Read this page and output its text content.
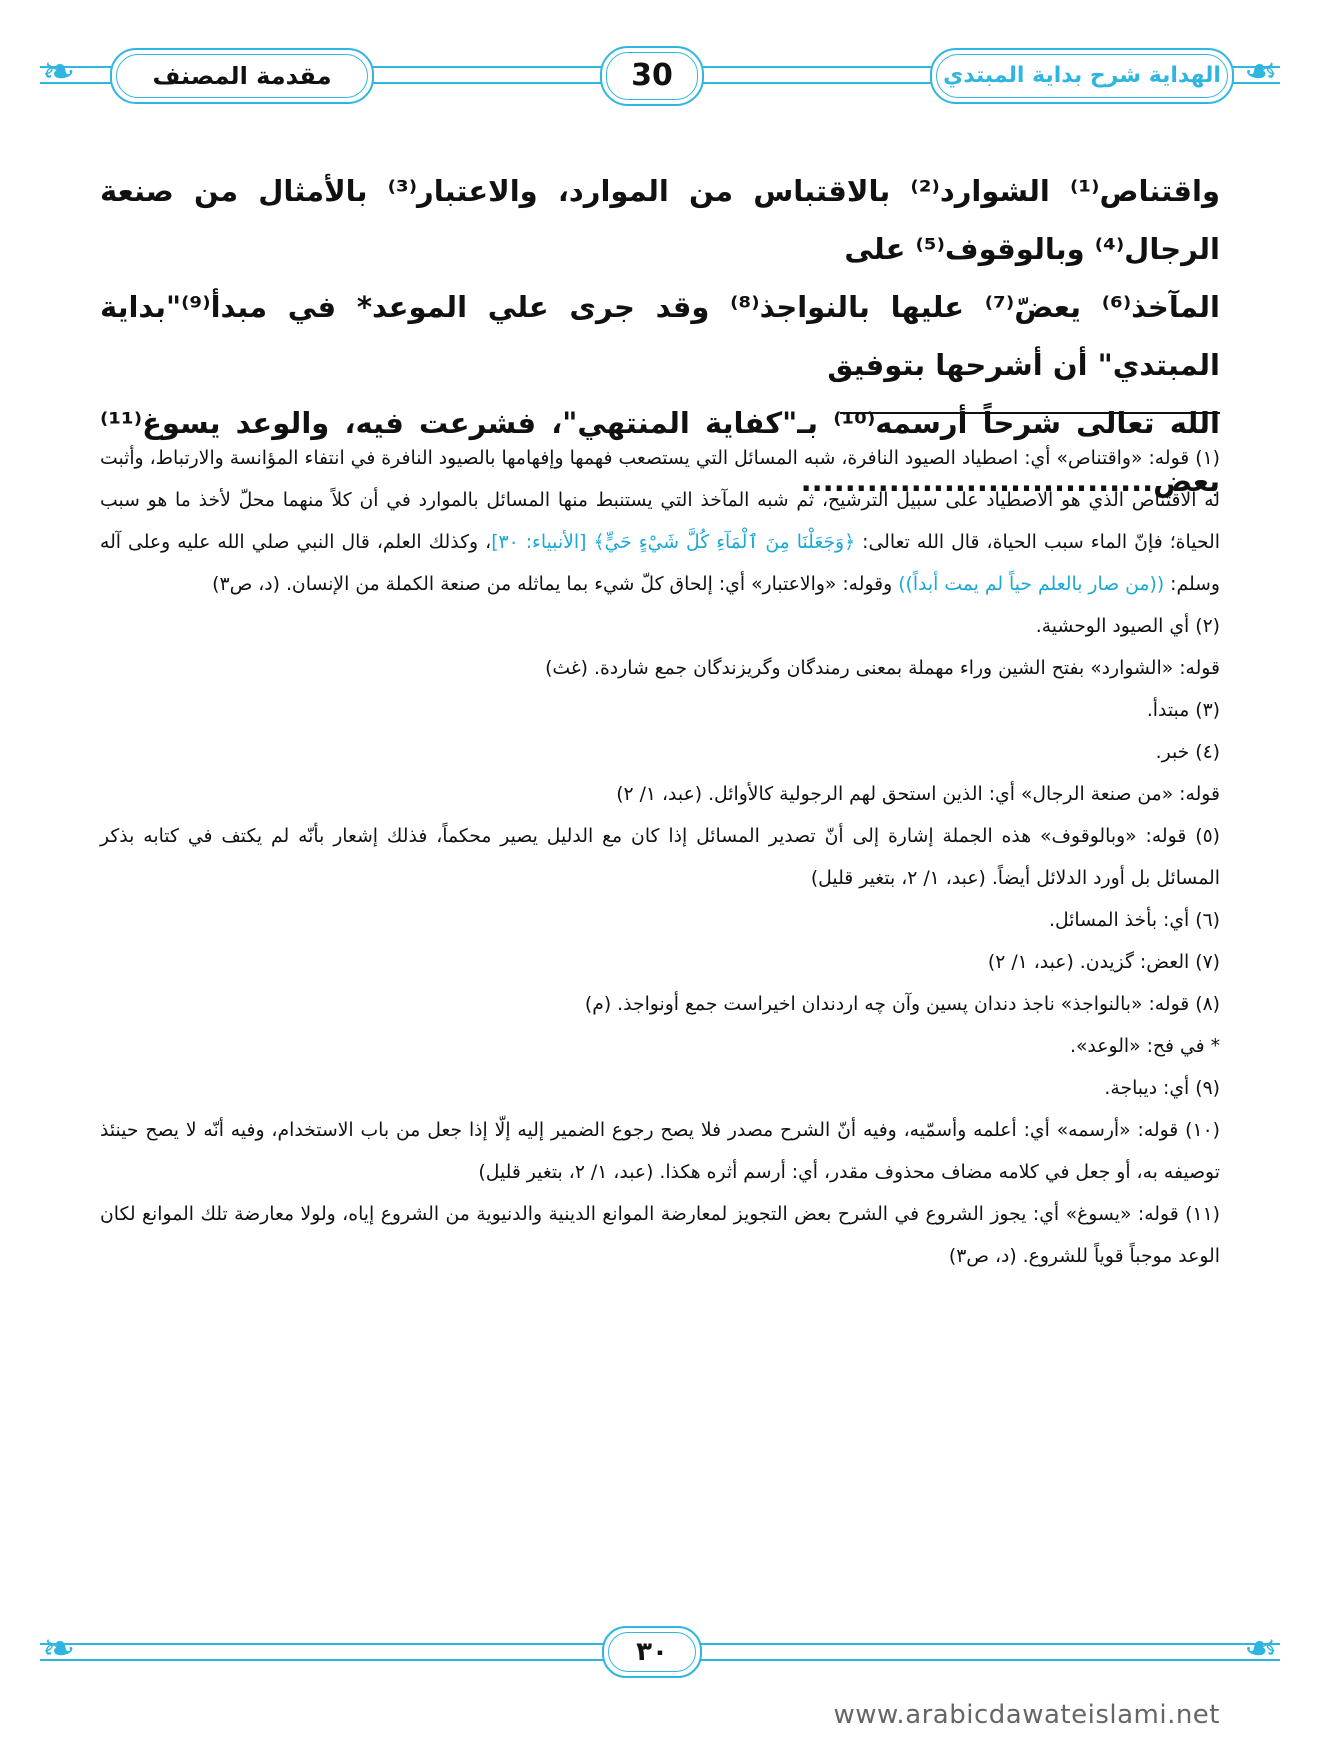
❧	❧
مقدمة المصنف	30	الهداية شرح بداية المبتدي

واقتناص⁽¹⁾ الشوارد⁽²⁾ بالاقتباس من الموارد، والاعتبار⁽³⁾ بالأمثال من صنعة الرجال⁽⁴⁾ وبالوقوف⁽⁵⁾ على

المآخذ⁽⁶⁾ يعضّ⁽⁷⁾ عليها بالنواجذ⁽⁸⁾ وقد جرى علي الموعد* في مبدأ⁽⁹⁾"بداية المبتدي" أن أشرحها بتوفيق

الله تعالى شرحاً أرسمه⁽¹⁰⁾ بـ"كفاية المنتهي"، فشرعت فيه، والوعد يسوغ⁽¹¹⁾ بعض................................

(١) قوله: «واقتناص» أي: اصطياد الصيود النافرة، شبه المسائل التي يستصعب فهمها وإفهامها بالصيود النافرة في انتفاء المؤانسة والارتباط، وأثبت له الاقتناص الذي هو الاصطياد على سبيل الترشيح، ثم شبه المآخذ التي يستنبط منها المسائل بالموارد في أن كلاً منهما محلّ لأخذ ما هو سبب الحياة؛ فإنّ الماء سبب الحياة، قال الله تعالى: ﴿وَجَعَلْنَا مِنَ ٱلْمَآءِ كُلَّ شَيْءٍ حَيٍّ﴾ [الأنبياء: ٣٠]، وكذلك العلم، قال النبي صلي الله عليه وعلى آله وسلم: ((من صار بالعلم حياً لم يمت أبداً)) وقوله: «والاعتبار» أي: إلحاق كلّ شيء بما يماثله من صنعة الكملة من الإنسان. (د، ص٣)

(٢) أي الصيود الوحشية.

قوله: «الشوارد» بفتح الشين وراء مهملة بمعنى رمندگان وگريزندگان جمع شاردة. (غث)

(٣) مبتدأ.

(٤) خبر.

قوله: «من صنعة الرجال» أي: الذين استحق لهم الرجولية كالأوائل. (عبد، ١/ ٢)

(٥) قوله: «وبالوقوف» هذه الجملة إشارة إلى أنّ تصدير المسائل إذا كان مع الدليل يصير محكماً، فذلك إشعار بأنّه لم يكتف في كتابه بذكر المسائل بل أورد الدلائل أيضاً. (عبد، ١/ ٢، بتغير قليل)

(٦) أي: بأخذ المسائل.

(٧) العض: گزيدن. (عبد، ١/ ٢)

(٨) قوله: «بالنواجذ» ناجذ دندان پسين وآن چه اردندان اخيراست جمع أونواجذ. (م)

* في فح: «الوعد».

(٩) أي: ديباجة.

(١٠) قوله: «أرسمه» أي: أعلمه وأسمّيه، وفيه أنّ الشرح مصدر فلا يصح رجوع الضمير إليه إلّا إذا جعل من باب الاستخدام، وفيه أنّه لا يصح حينئذ توصيفه به، أو جعل في كلامه مضاف محذوف مقدر، أي: أرسم أثره هكذا. (عبد، ١/ ٢، بتغير قليل)

(١١) قوله: «يسوغ» أي: يجوز الشروع في الشرح بعض التجويز لمعارضة الموانع الدينية والدنيوية من الشروع إياه، ولولا معارضة تلك الموانع لكان الوعد موجباً قوياً للشروع. (د، ص٣)

❧	❧
٣٠
www.arabicdawateislami.net
